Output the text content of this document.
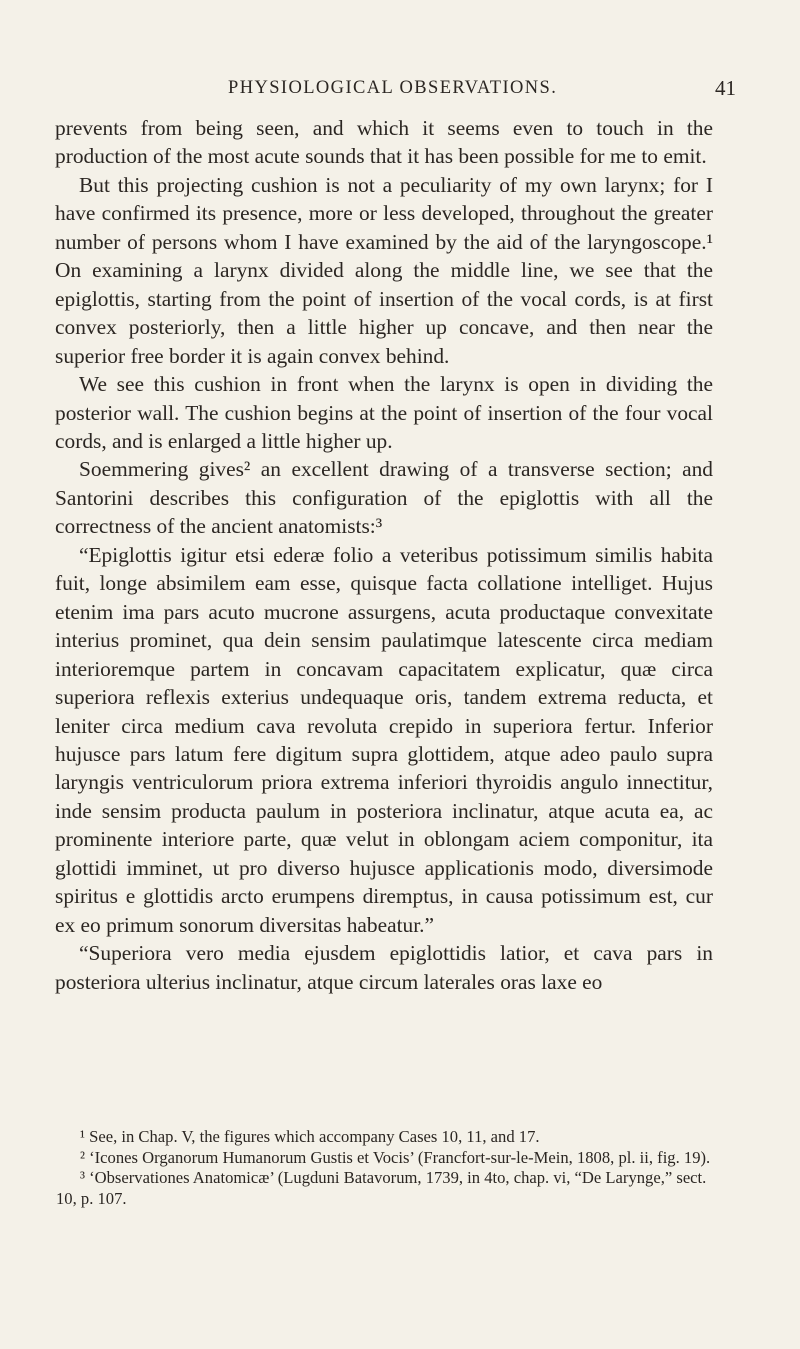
PHYSIOLOGICAL OBSERVATIONS.	41

prevents from being seen, and which it seems even to touch in the production of the most acute sounds that it has been possible for me to emit.

But this projecting cushion is not a peculiarity of my own larynx; for I have confirmed its presence, more or less developed, throughout the greater number of persons whom I have examined by the aid of the laryngoscope.¹ On examining a larynx divided along the middle line, we see that the epiglottis, starting from the point of insertion of the vocal cords, is at first convex posteriorly, then a little higher up concave, and then near the superior free border it is again convex behind.

We see this cushion in front when the larynx is open in dividing the posterior wall. The cushion begins at the point of insertion of the four vocal cords, and is enlarged a little higher up.

Soemmering gives² an excellent drawing of a transverse section; and Santorini describes this configuration of the epiglottis with all the correctness of the ancient anatomists:³

“Epiglottis igitur etsi ederæ folio a veteribus potissimum similis habita fuit, longe absimilem eam esse, quisque facta collatione intelliget. Hujus etenim ima pars acuto mucrone assurgens, acuta productaque convexitate interius prominet, qua dein sensim paulatimque latescente circa mediam interioremque partem in concavam capacitatem explicatur, quæ circa superiora reflexis exterius undequaque oris, tandem extrema reducta, et leniter circa medium cava revoluta crepido in superiora fertur. Inferior hujusce pars latum fere digitum supra glottidem, atque adeo paulo supra laryngis ventriculorum priora extrema inferiori thyroidis angulo innectitur, inde sensim producta paulum in posteriora inclinatur, atque acuta ea, ac prominente interiore parte, quæ velut in oblongam aciem componitur, ita glottidi imminet, ut pro diverso hujusce applicationis modo, diversimode spiritus e glottidis arcto erumpens diremptus, in causa potissimum est, cur ex eo primum sonorum diversitas habeatur.”

“Superiora vero media ejusdem epiglottidis latior, et cava pars in posteriora ulterius inclinatur, atque circum laterales oras laxe eo

¹ See, in Chap. V, the figures which accompany Cases 10, 11, and 17.
² ‘Icones Organorum Humanorum Gustis et Vocis’ (Francfort-sur-le-Mein, 1808, pl. ii, fig. 19).
³ ‘Observationes Anatomicæ’ (Lugduni Batavorum, 1739, in 4to, chap. vi, “De Larynge,” sect. 10, p. 107.
